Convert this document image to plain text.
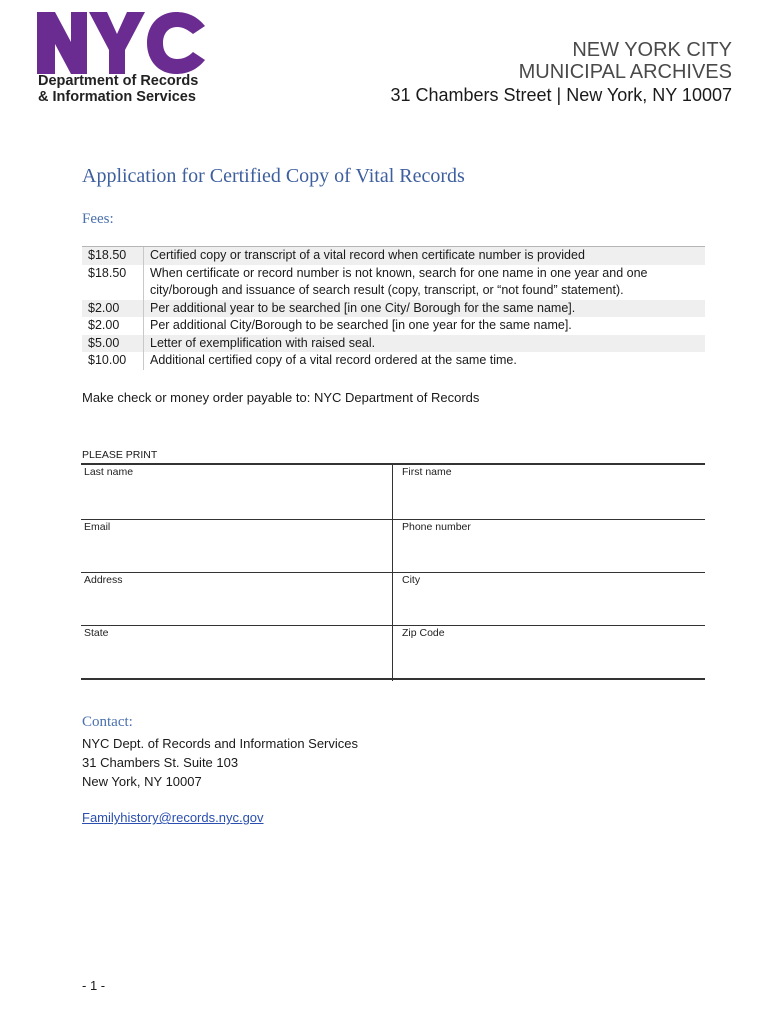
Department of Records
& Information Services
NEW YORK CITY
MUNICIPAL ARCHIVES
31 Chambers Street | New York, NY 10007
Application for Certified Copy of Vital Records
Fees:
$18.50	Certified copy or transcript of a vital record when certificate number is provided
$18.50	When certificate or record number is not known, search for one name in one year and one city/borough and issuance of search result (copy, transcript, or “not found” statement).
$2.00	Per additional year to be searched [in one City/ Borough for the same name].
$2.00	Per additional City/Borough to be searched [in one year for the same name].
$5.00	Letter of exemplification with raised seal.
$10.00	Additional certified copy of a vital record ordered at the same time.
Make check or money order payable to: NYC Department of Records
PLEASE PRINT
Last name	First name
Email	Phone number
Address	City
State	Zip Code
Contact:
NYC Dept. of Records and Information Services
31 Chambers St. Suite 103
New York, NY 10007
Familyhistory@records.nyc.gov
- 1 -
